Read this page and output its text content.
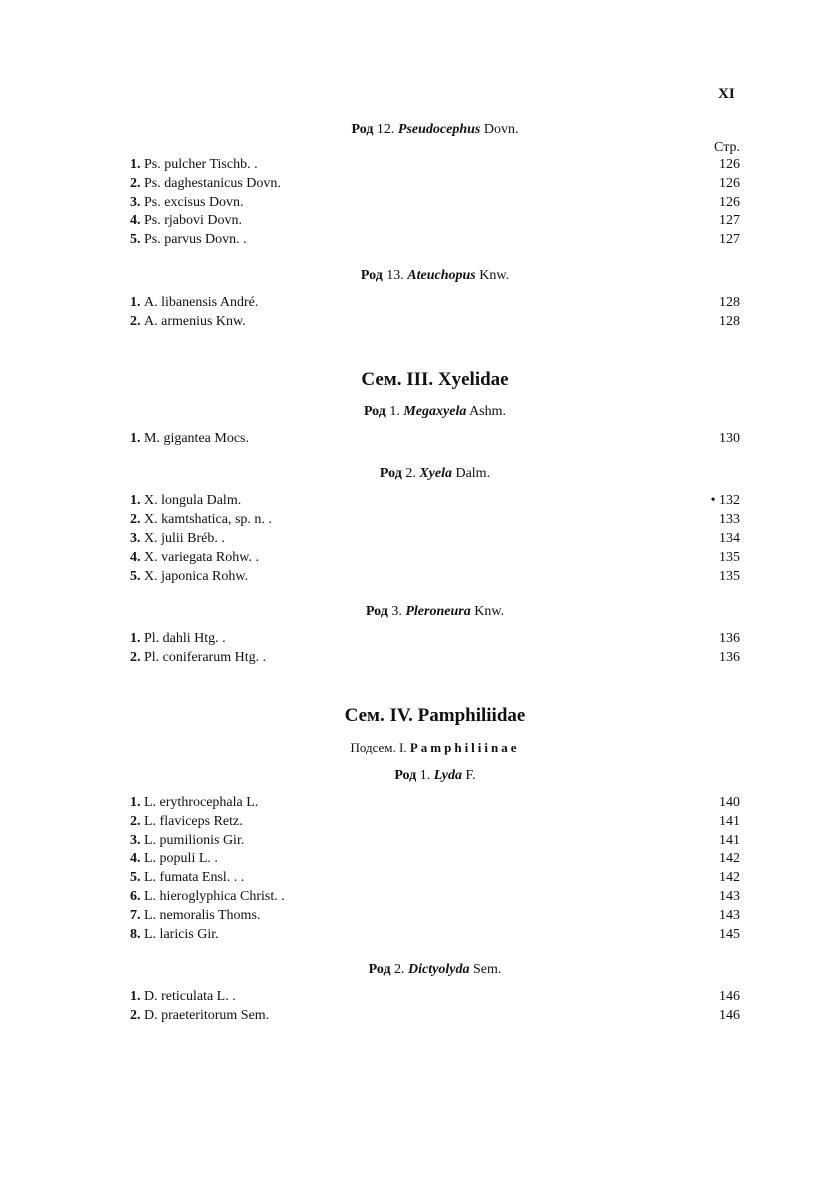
XI
Род 12. Pseudocephus Dovn.
Стр.
1. Ps. pulcher Tischb. .	126
2. Ps. daghestanicus Dovn.	126
3. Ps. excisus Dovn.	126
4. Ps. rjabovi Dovn.	127
5. Ps. parvus Dovn. .	127
Род 13. Ateuchopus Knw.
1. A. libanensis André.	128
2. A. armenius Knw.	128
Сем. III. Xyelidae
Род 1. Megaxyela Ashm.
1. M. gigantea Mocs.	130
Род 2. Xyela Dalm.
1. X. longula Dalm.	• 132
2. X. kamtshatica, sp. n. .	133
3. X. julii Bréb. .	134
4. X. variegata Rohw. .	135
5. X. japonica Rohw.	135
Род 3. Pleroneura Knw.
1. Pl. dahli Htg. .	136
2. Pl. coniferarum Htg. .	136
Сем. IV. Pamphiliidae
Подсем. I. Pamphiliinae
Род 1. Lyda F.
1. L. erythrocephala L.	140
2. L. flaviceps Retz.	141
3. L. pumilionis Gir.	141
4. L. populi L. .	142
5. L. fumata Ensl. . .	142
6. L. hieroglyphica Christ. .	143
7. L. nemoralis Thoms.	143
8. L. laricis Gir.	145
Род 2. Dictyolyda Sem.
1. D. reticulata L. .	146
2. D. praeteritorum Sem.	146
